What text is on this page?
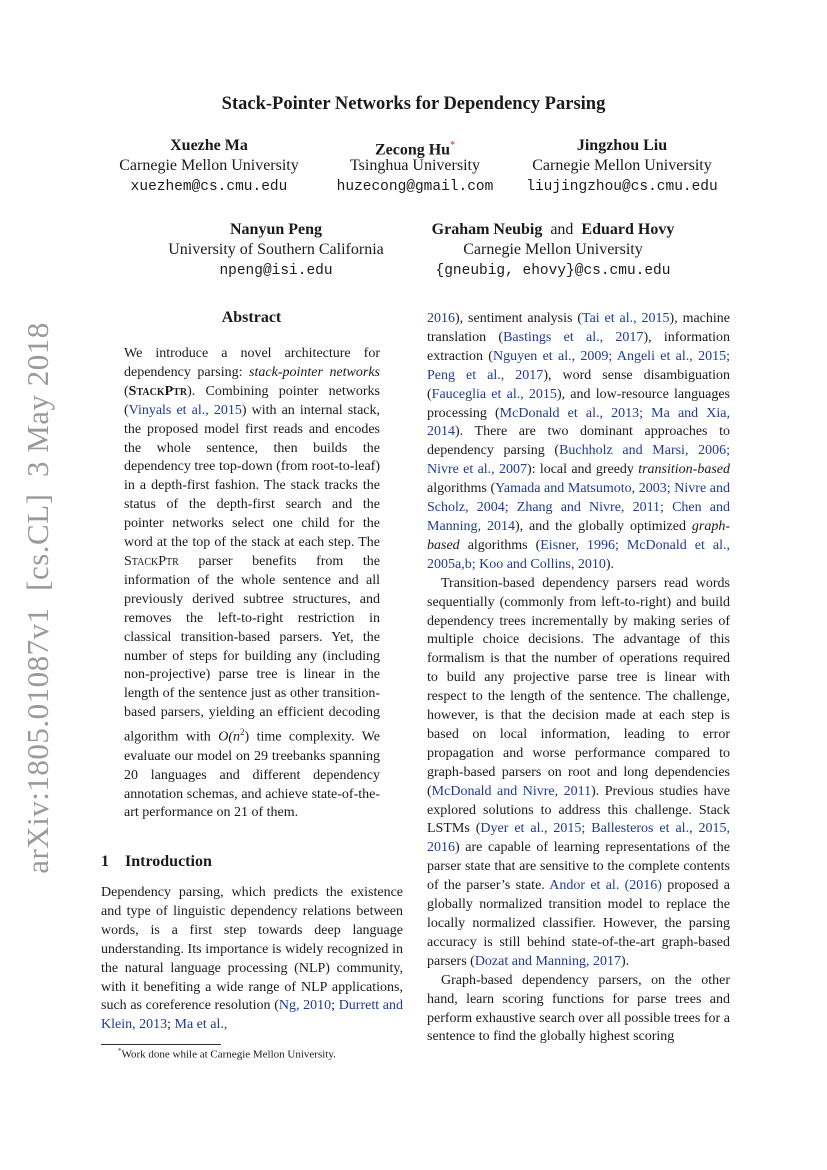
Stack-Pointer Networks for Dependency Parsing
Xuezhe Ma
Carnegie Mellon University
xuezhem@cs.cmu.edu
Zecong Hu*
Tsinghua University
huzecong@gmail.com
Jingzhou Liu
Carnegie Mellon University
liujingzhou@cs.cmu.edu
Nanyun Peng
University of Southern California
npeng@isi.edu
Graham Neubig and Eduard Hovy
Carnegie Mellon University
{gneubig, ehovy}@cs.cmu.edu
arXiv:1805.01087v1  [cs.CL]  3 May 2018
Abstract
We introduce a novel architecture for dependency parsing: stack-pointer networks (StackPtr). Combining pointer networks (Vinyals et al., 2015) with an internal stack, the proposed model first reads and encodes the whole sentence, then builds the dependency tree top-down (from root-to-leaf) in a depth-first fashion. The stack tracks the status of the depth-first search and the pointer networks select one child for the word at the top of the stack at each step. The StackPtr parser benefits from the information of the whole sentence and all previously derived subtree structures, and removes the left-to-right restriction in classical transition-based parsers. Yet, the number of steps for building any (including non-projective) parse tree is linear in the length of the sentence just as other transition-based parsers, yielding an efficient decoding algorithm with $O(n^2)$ time complexity. We evaluate our model on 29 treebanks spanning 20 languages and different dependency annotation schemas, and achieve state-of-the-art performance on 21 of them.
1 Introduction
Dependency parsing, which predicts the existence and type of linguistic dependency relations between words, is a first step towards deep language understanding. Its importance is widely recognized in the natural language processing (NLP) community, with it benefiting a wide range of NLP applications, such as coreference resolution (Ng, 2010; Durrett and Klein, 2013; Ma et al.,
*Work done while at Carnegie Mellon University.

2016), sentiment analysis (Tai et al., 2015), machine translation (Bastings et al., 2017), information extraction (Nguyen et al., 2009; Angeli et al., 2015; Peng et al., 2017), word sense disambiguation (Fauceglia et al., 2015), and low-resource languages processing (McDonald et al., 2013; Ma and Xia, 2014). There are two dominant approaches to dependency parsing (Buchholz and Marsi, 2006; Nivre et al., 2007): local and greedy transition-based algorithms (Yamada and Matsumoto, 2003; Nivre and Scholz, 2004; Zhang and Nivre, 2011; Chen and Manning, 2014), and the globally optimized graph-based algorithms (Eisner, 1996; McDonald et al., 2005a,b; Koo and Collins, 2010).

Transition-based dependency parsers read words sequentially (commonly from left-to-right) and build dependency trees incrementally by making series of multiple choice decisions. The advantage of this formalism is that the number of operations required to build any projective parse tree is linear with respect to the length of the sentence. The challenge, however, is that the decision made at each step is based on local information, leading to error propagation and worse performance compared to graph-based parsers on root and long dependencies (McDonald and Nivre, 2011). Previous studies have explored solutions to address this challenge. Stack LSTMs (Dyer et al., 2015; Ballesteros et al., 2015, 2016) are capable of learning representations of the parser state that are sensitive to the complete contents of the parser’s state. Andor et al. (2016) proposed a globally normalized transition model to replace the locally normalized classifier. However, the parsing accuracy is still behind state-of-the-art graph-based parsers (Dozat and Manning, 2017).

Graph-based dependency parsers, on the other hand, learn scoring functions for parse trees and perform exhaustive search over all possible trees for a sentence to find the globally highest scoring
